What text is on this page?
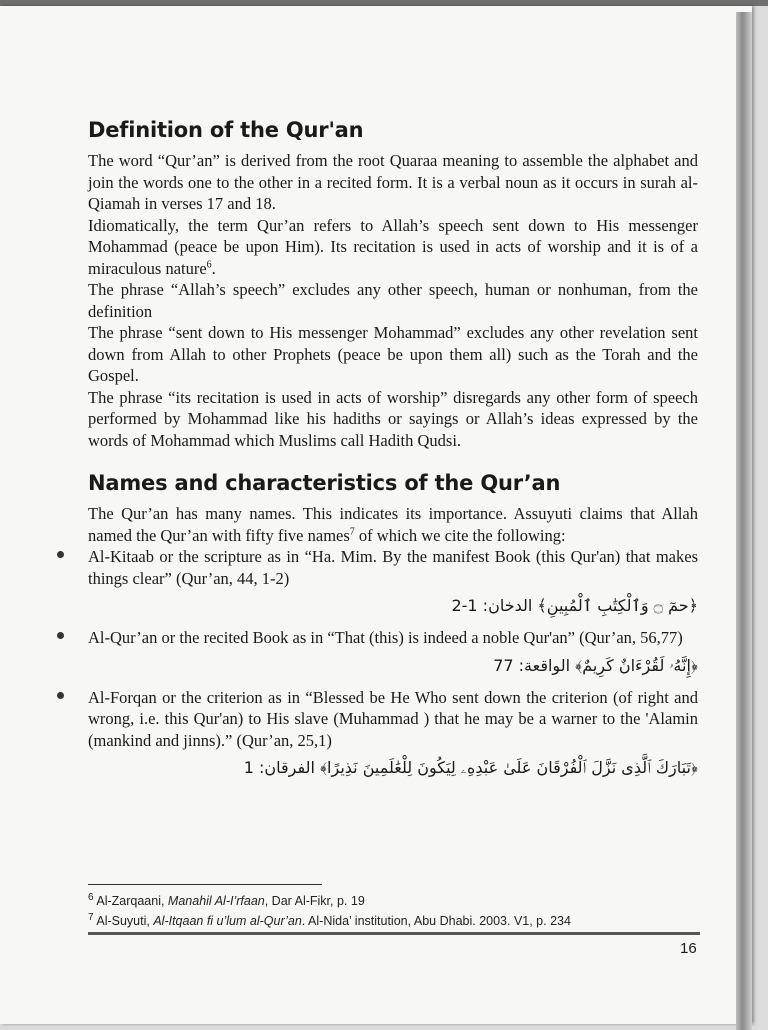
Definition of the Qur'an

The word “Qur’an” is derived from the root Quaraa meaning to assemble the alphabet and join the words one to the other in a recited form. It is a verbal noun as it occurs in surah al-Qiamah in verses 17 and 18.

Idiomatically, the term Qur’an refers to Allah’s speech sent down to His messenger Mohammad (peace be upon Him). Its recitation is used in acts of worship and it is of a miraculous nature$^6$.

The phrase “Allah’s speech” excludes any other speech, human or nonhuman, from the definition

The phrase “sent down to His messenger Mohammad” excludes any other revelation sent down from Allah to other Prophets (peace be upon them all) such as the Torah and the Gospel.

The phrase “its recitation is used in acts of worship” disregards any other form of speech performed by Mohammad like his hadiths or sayings or Allah’s ideas expressed by the words of Mohammad which Muslims call Hadith Qudsi.

Names and characteristics of the Qur’an

The Qur’an has many names. This indicates its importance. Assuyuti claims that Allah named the Qur’an with fifty five names$^7$ of which we cite the following:

Al-Kitaab or the scripture as in “Ha. Mim. By the manifest Book (this Qur'an) that makes things clear” (Qur’an, 44, 1-2)

﴿حمٓ ۝ وَٱلْكِتَٰبِ ٱلْمُبِينِ﴾ الدخان: 1-2

Al-Qur’an or the recited Book as in “That (this) is indeed a noble Qur'an” (Qur’an, 56,77)

﴿إِنَّهُۥ لَقُرْءَانٌ كَرِيمٌ﴾ الواقعة: 77

Al-Forqan or the criterion as in “Blessed be He Who sent down the criterion (of right and wrong, i.e. this Qur'an) to His slave (Muhammad ) that he may be a warner to the 'Alamin (mankind and jinns).” (Qur’an, 25,1)

﴿تَبَارَكَ ٱلَّذِى نَزَّلَ ٱلْفُرْقَانَ عَلَىٰ عَبْدِهِۦ لِيَكُونَ لِلْعَٰلَمِينَ نَذِيرًا﴾ الفرقان: 1
$^6$ Al-Zarqaani, Manahil Al-I’rfaan, Dar Al-Fikr, p. 19
$^7$ Al-Suyuti, Al-Itqaan fi u’lum al-Qur’an. Al-Nida’ institution, Abu Dhabi. 2003. V1, p. 234
16
